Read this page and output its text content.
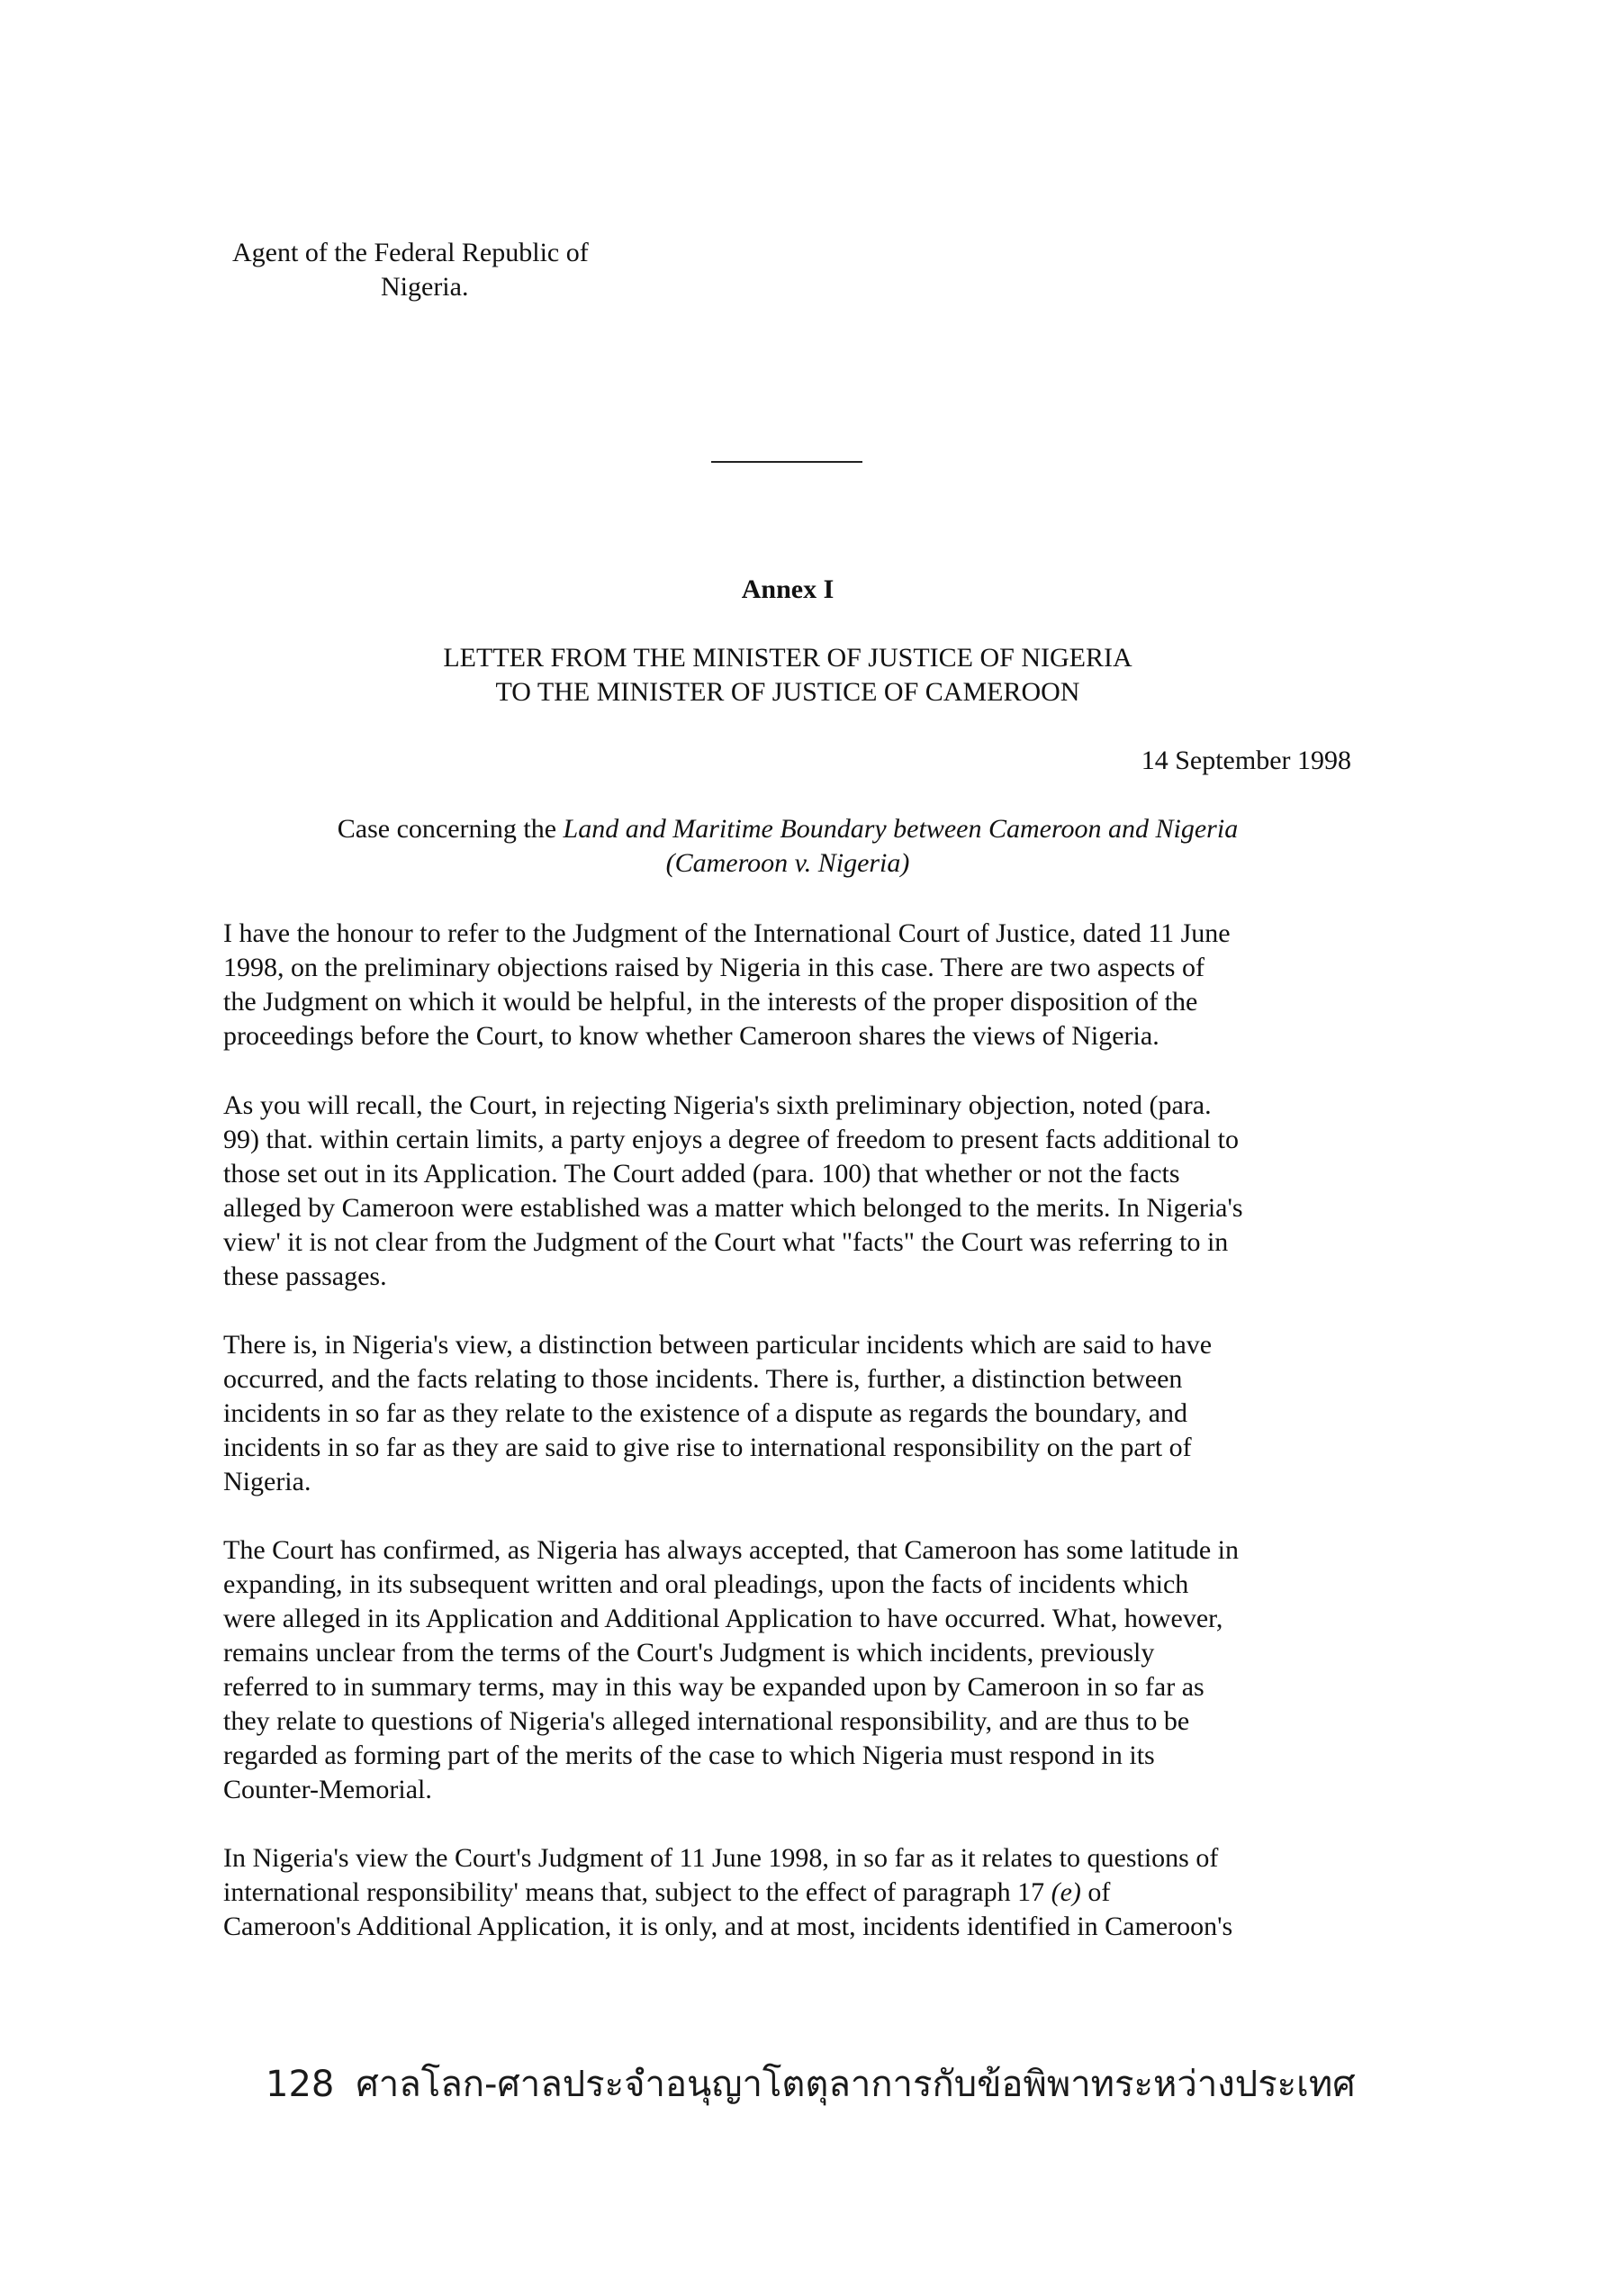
Agent of the Federal Republic of
Nigeria.
Annex I
LETTER FROM THE MINISTER OF JUSTICE OF NIGERIA
TO THE MINISTER OF JUSTICE OF CAMEROON
14 September 1998
Case concerning the Land and Maritime Boundary between Cameroon and Nigeria
(Cameroon v. Nigeria)
I have the honour to refer to the Judgment of the International Court of Justice, dated 11 June
1998, on the preliminary objections raised by Nigeria in this case. There are two aspects of
the Judgment on which it would be helpful, in the interests of the proper disposition of the
proceedings before the Court, to know whether Cameroon shares the views of Nigeria.
As you will recall, the Court, in rejecting Nigeria's sixth preliminary objection, noted (para.
99) that. within certain limits, a party enjoys a degree of freedom to present facts additional to
those set out in its Application. The Court added (para. 100) that whether or not the facts
alleged by Cameroon were established was a matter which belonged to the merits. In Nigeria's
view' it is not clear from the Judgment of the Court what "facts" the Court was referring to in
these passages.
There is, in Nigeria's view, a distinction between particular incidents which are said to have
occurred, and the facts relating to those incidents. There is, further, a distinction between
incidents in so far as they relate to the existence of a dispute as regards the boundary, and
incidents in so far as they are said to give rise to international responsibility on the part of
Nigeria.
The Court has confirmed, as Nigeria has always accepted, that Cameroon has some latitude in
expanding, in its subsequent written and oral pleadings, upon the facts of incidents which
were alleged in its Application and Additional Application to have occurred. What, however,
remains unclear from the terms of the Court's Judgment is which incidents, previously
referred to in summary terms, may in this way be expanded upon by Cameroon in so far as
they relate to questions of Nigeria's alleged international responsibility, and are thus to be
regarded as forming part of the merits of the case to which Nigeria must respond in its
Counter-Memorial.
In Nigeria's view the Court's Judgment of 11 June 1998, in so far as it relates to questions of
international responsibility' means that, subject to the effect of paragraph 17 (e) of
Cameroon's Additional Application, it is only, and at most, incidents identified in Cameroon's
128 ศาลโลก-ศาลประจำอนุญาโตตุลาการกับข้อพิพาทระหว่างประเทศ
